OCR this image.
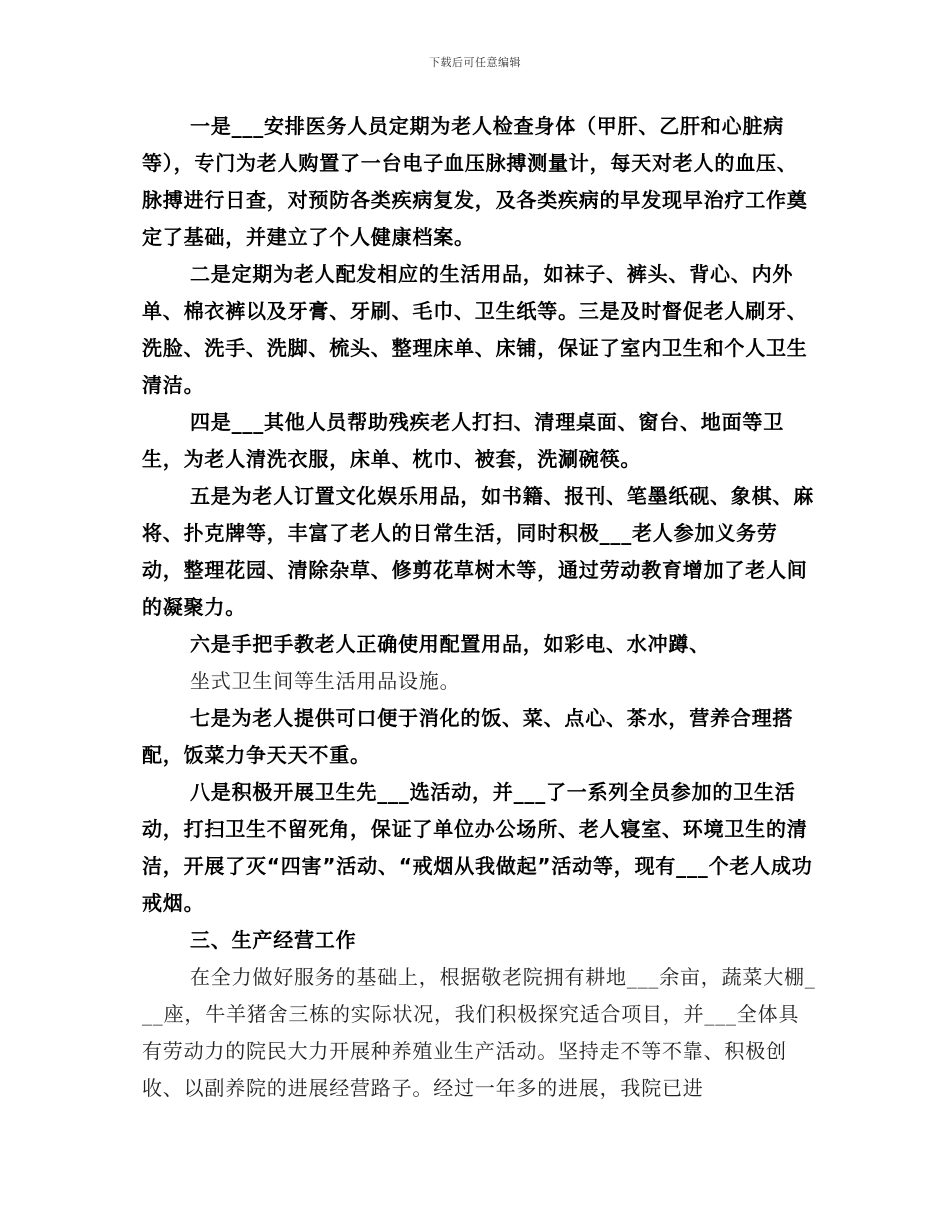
下载后可任意编辑

一是___安排医务人员定期为老人检查身体（甲肝、乙肝和心脏病等），专门为老人购置了一台电子血压脉搏测量计，每天对老人的血压、脉搏进行日查，对预防各类疾病复发，及各类疾病的早发现早治疗工作奠定了基础，并建立了个人健康档案。

二是定期为老人配发相应的生活用品，如袜子、裤头、背心、内外单、棉衣裤以及牙膏、牙刷、毛巾、卫生纸等。三是及时督促老人刷牙、洗脸、洗手、洗脚、梳头、整理床单、床铺，保证了室内卫生和个人卫生清洁。

四是___其他人员帮助残疾老人打扫、清理桌面、窗台、地面等卫生，为老人清洗衣服，床单、枕巾、被套，洗涮碗筷。

五是为老人订置文化娱乐用品，如书籍、报刊、笔墨纸砚、象棋、麻将、扑克牌等，丰富了老人的日常生活，同时积极___老人参加义务劳动，整理花园、清除杂草、修剪花草树木等，通过劳动教育增加了老人间的凝聚力。

六是手把手教老人正确使用配置用品，如彩电、水冲蹲、

坐式卫生间等生活用品设施。

七是为老人提供可口便于消化的饭、菜、点心、茶水，营养合理搭配，饭菜力争天天不重。

八是积极开展卫生先___选活动，并___了一系列全员参加的卫生活动，打扫卫生不留死角，保证了单位办公场所、老人寝室、环境卫生的清洁，开展了灭“四害”活动、“戒烟从我做起”活动等，现有___个老人成功戒烟。

三、生产经营工作

在全力做好服务的基础上，根据敬老院拥有耕地___余亩，蔬菜大棚___座，牛羊猪舍三栋的实际状况，我们积极探究适合项目，并___全体具有劳动力的院民大力开展种养殖业生产活动。坚持走不等不靠、积极创收、以副养院的进展经营路子。经过一年多的进展，我院已进
